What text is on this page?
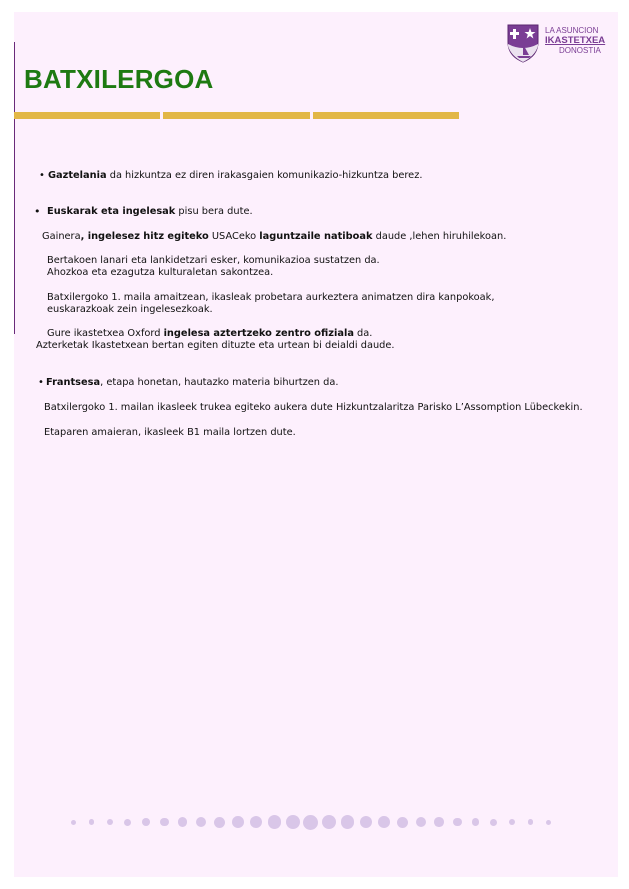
LA ASUNCION
IKASTETXEA
DONOSTIA
BATXILERGOA
• Gaztelania da hizkuntza ez diren irakasgaien komunikazio-hizkuntza berez.
• Euskarak eta ingelesak pisu bera dute.
Gainera, ingelesez hitz egiteko USACeko laguntzaile natiboak daude ,lehen hiruhilekoan.
Bertakoen lanari eta lankidetzari esker, komunikazioa sustatzen da.
Ahozkoa eta ezagutza kulturaletan sakontzea.
Batxilergoko 1. maila amaitzean, ikasleak probetara aurkeztera animatzen dira kanpokoak,
euskarazkoak zein ingelesezkoak.
Gure ikastetxea Oxford ingelesa aztertzeko zentro ofiziala da.
Azterketak Ikastetxean bertan egiten dituzte eta urtean bi deialdi daude.
• Frantsesa, etapa honetan, hautazko materia bihurtzen da.
Batxilergoko 1. mailan ikasleek trukea egiteko aukera dute Hizkuntzalaritza Parisko L’Assomption Lübeckekin.
Etaparen amaieran, ikasleek B1 maila lortzen dute.
